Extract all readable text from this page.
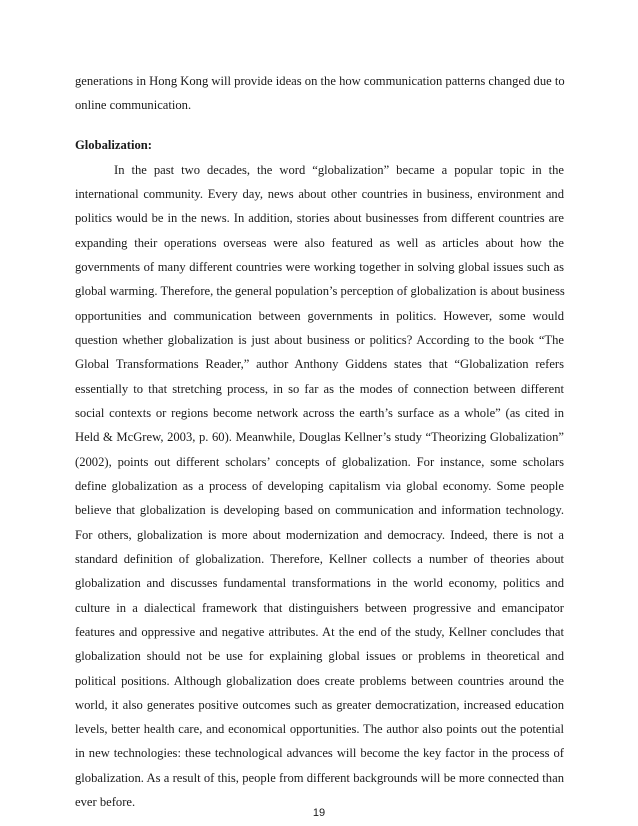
generations in Hong Kong will provide ideas on the how communication patterns changed due to

online communication.

Globalization:

In the past two decades, the word “globalization” became a popular topic in the

international community. Every day, news about other countries in business, environment and

politics would be in the news. In addition, stories about businesses from different countries are

expanding their operations overseas were also featured as well as articles about how the

governments of many different countries were working together in solving global issues such as

global warming. Therefore, the general population’s perception of globalization is about business

opportunities and communication between governments in politics. However, some would

question whether globalization is just about business or politics? According to the book “The

Global Transformations Reader,” author Anthony Giddens states that “Globalization refers

essentially to that stretching process, in so far as the modes of connection between different

social contexts or regions become network across the earth’s surface as a whole” (as cited in

Held & McGrew, 2003, p. 60). Meanwhile, Douglas Kellner’s study “Theorizing Globalization”

(2002), points out different scholars’ concepts of globalization. For instance, some scholars

define globalization as a process of developing capitalism via global economy. Some people

believe that globalization is developing based on communication and information technology.

For others, globalization is more about modernization and democracy. Indeed, there is not a

standard definition of globalization. Therefore, Kellner collects a number of theories about

globalization and discusses fundamental transformations in the world economy, politics and

culture in a dialectical framework that distinguishers between progressive and emancipator

features and oppressive and negative attributes. At the end of the study, Kellner concludes that

globalization should not be use for explaining global issues or problems in theoretical and

political positions. Although globalization does create problems between countries around the

world, it also generates positive outcomes such as greater democratization, increased education

levels, better health care, and economical opportunities. The author also points out the potential

in new technologies: these technological advances will become the key factor in the process of

globalization. As a result of this, people from different backgrounds will be more connected than

ever before.

19
